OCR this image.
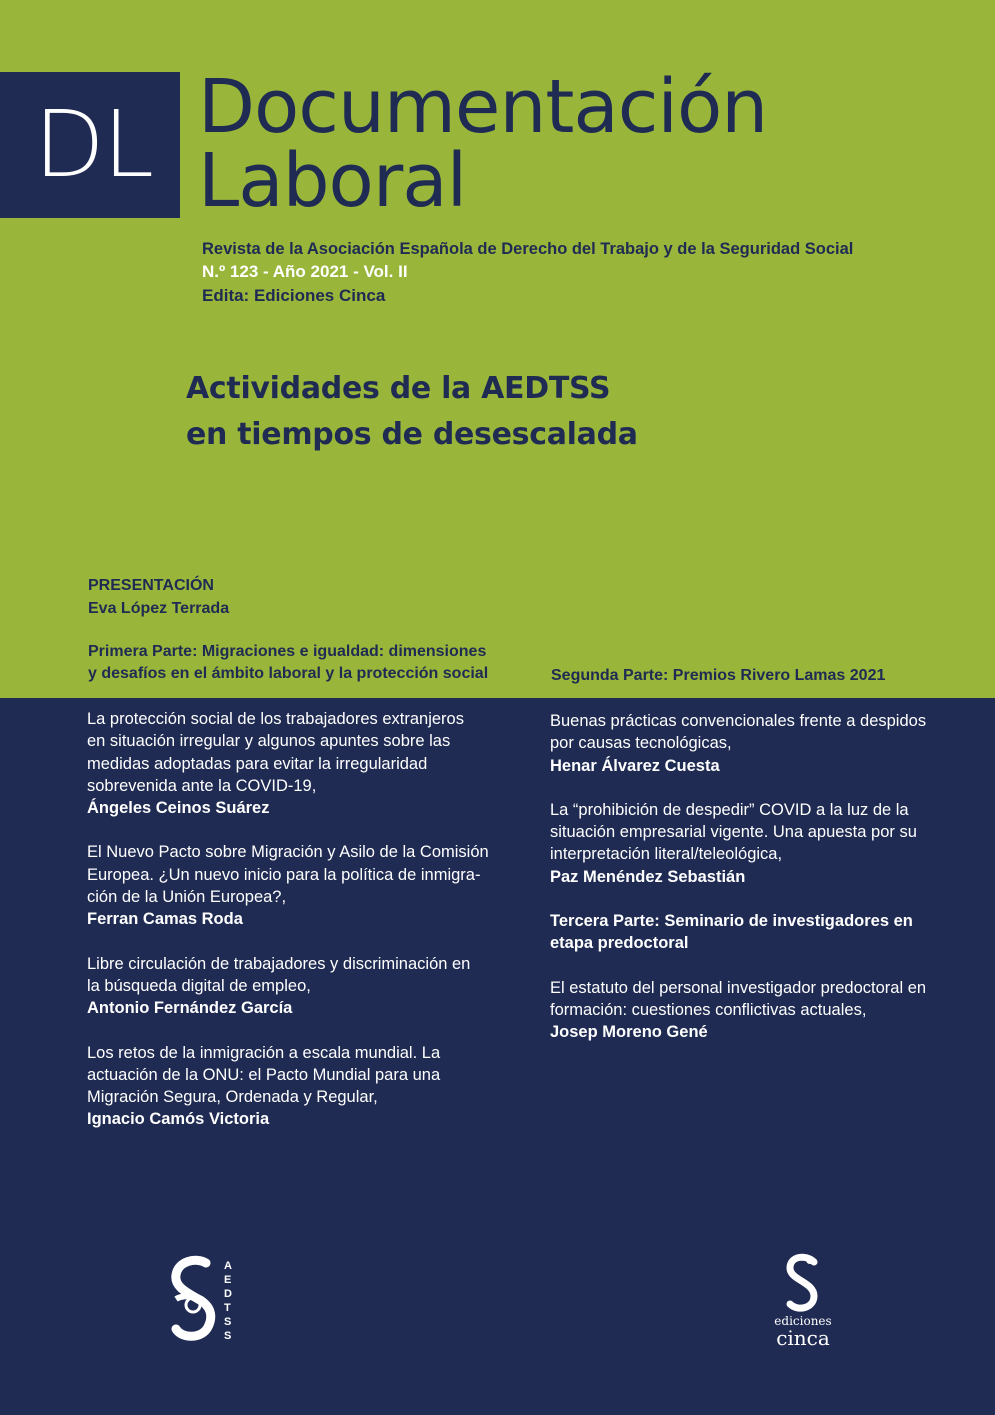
DL Documentación
Laboral
Revista de la Asociación Española de Derecho del Trabajo y de la Seguridad Social
N.º 123 - Año 2021 - Vol. II
Edita: Ediciones Cinca
Actividades de la AEDTSS
en tiempos de desescalada
PRESENTACIÓN
Eva López Terrada
Primera Parte: Migraciones e igualdad: dimensiones
y desafíos en el ámbito laboral y la protección social	Segunda Parte: Premios Rivero Lamas 2021
La protección social de los trabajadores extranjeros
en situación irregular y algunos apuntes sobre las
medidas adoptadas para evitar la irregularidad
sobrevenida ante la COVID-19,
Ángeles Ceinos Suárez
El Nuevo Pacto sobre Migración y Asilo de la Comisión
Europea. ¿Un nuevo inicio para la política de inmigra-
ción de la Unión Europea?,
Ferran Camas Roda
Libre circulación de trabajadores y discriminación en
la búsqueda digital de empleo,
Antonio Fernández García
Los retos de la inmigración a escala mundial. La
actuación de la ONU: el Pacto Mundial para una
Migración Segura, Ordenada y Regular,
Ignacio Camós Victoria
Buenas prácticas convencionales frente a despidos
por causas tecnológicas,
Henar Álvarez Cuesta
La “prohibición de despedir” COVID a la luz de la
situación empresarial vigente. Una apuesta por su
interpretación literal/teleológica,
Paz Menéndez Sebastián
Tercera Parte: Seminario de investigadores en
etapa predoctoral
El estatuto del personal investigador predoctoral en
formación: cuestiones conflictivas actuales,
Josep Moreno Gené
A
E
D
T
S
S
ediciones
cinca
